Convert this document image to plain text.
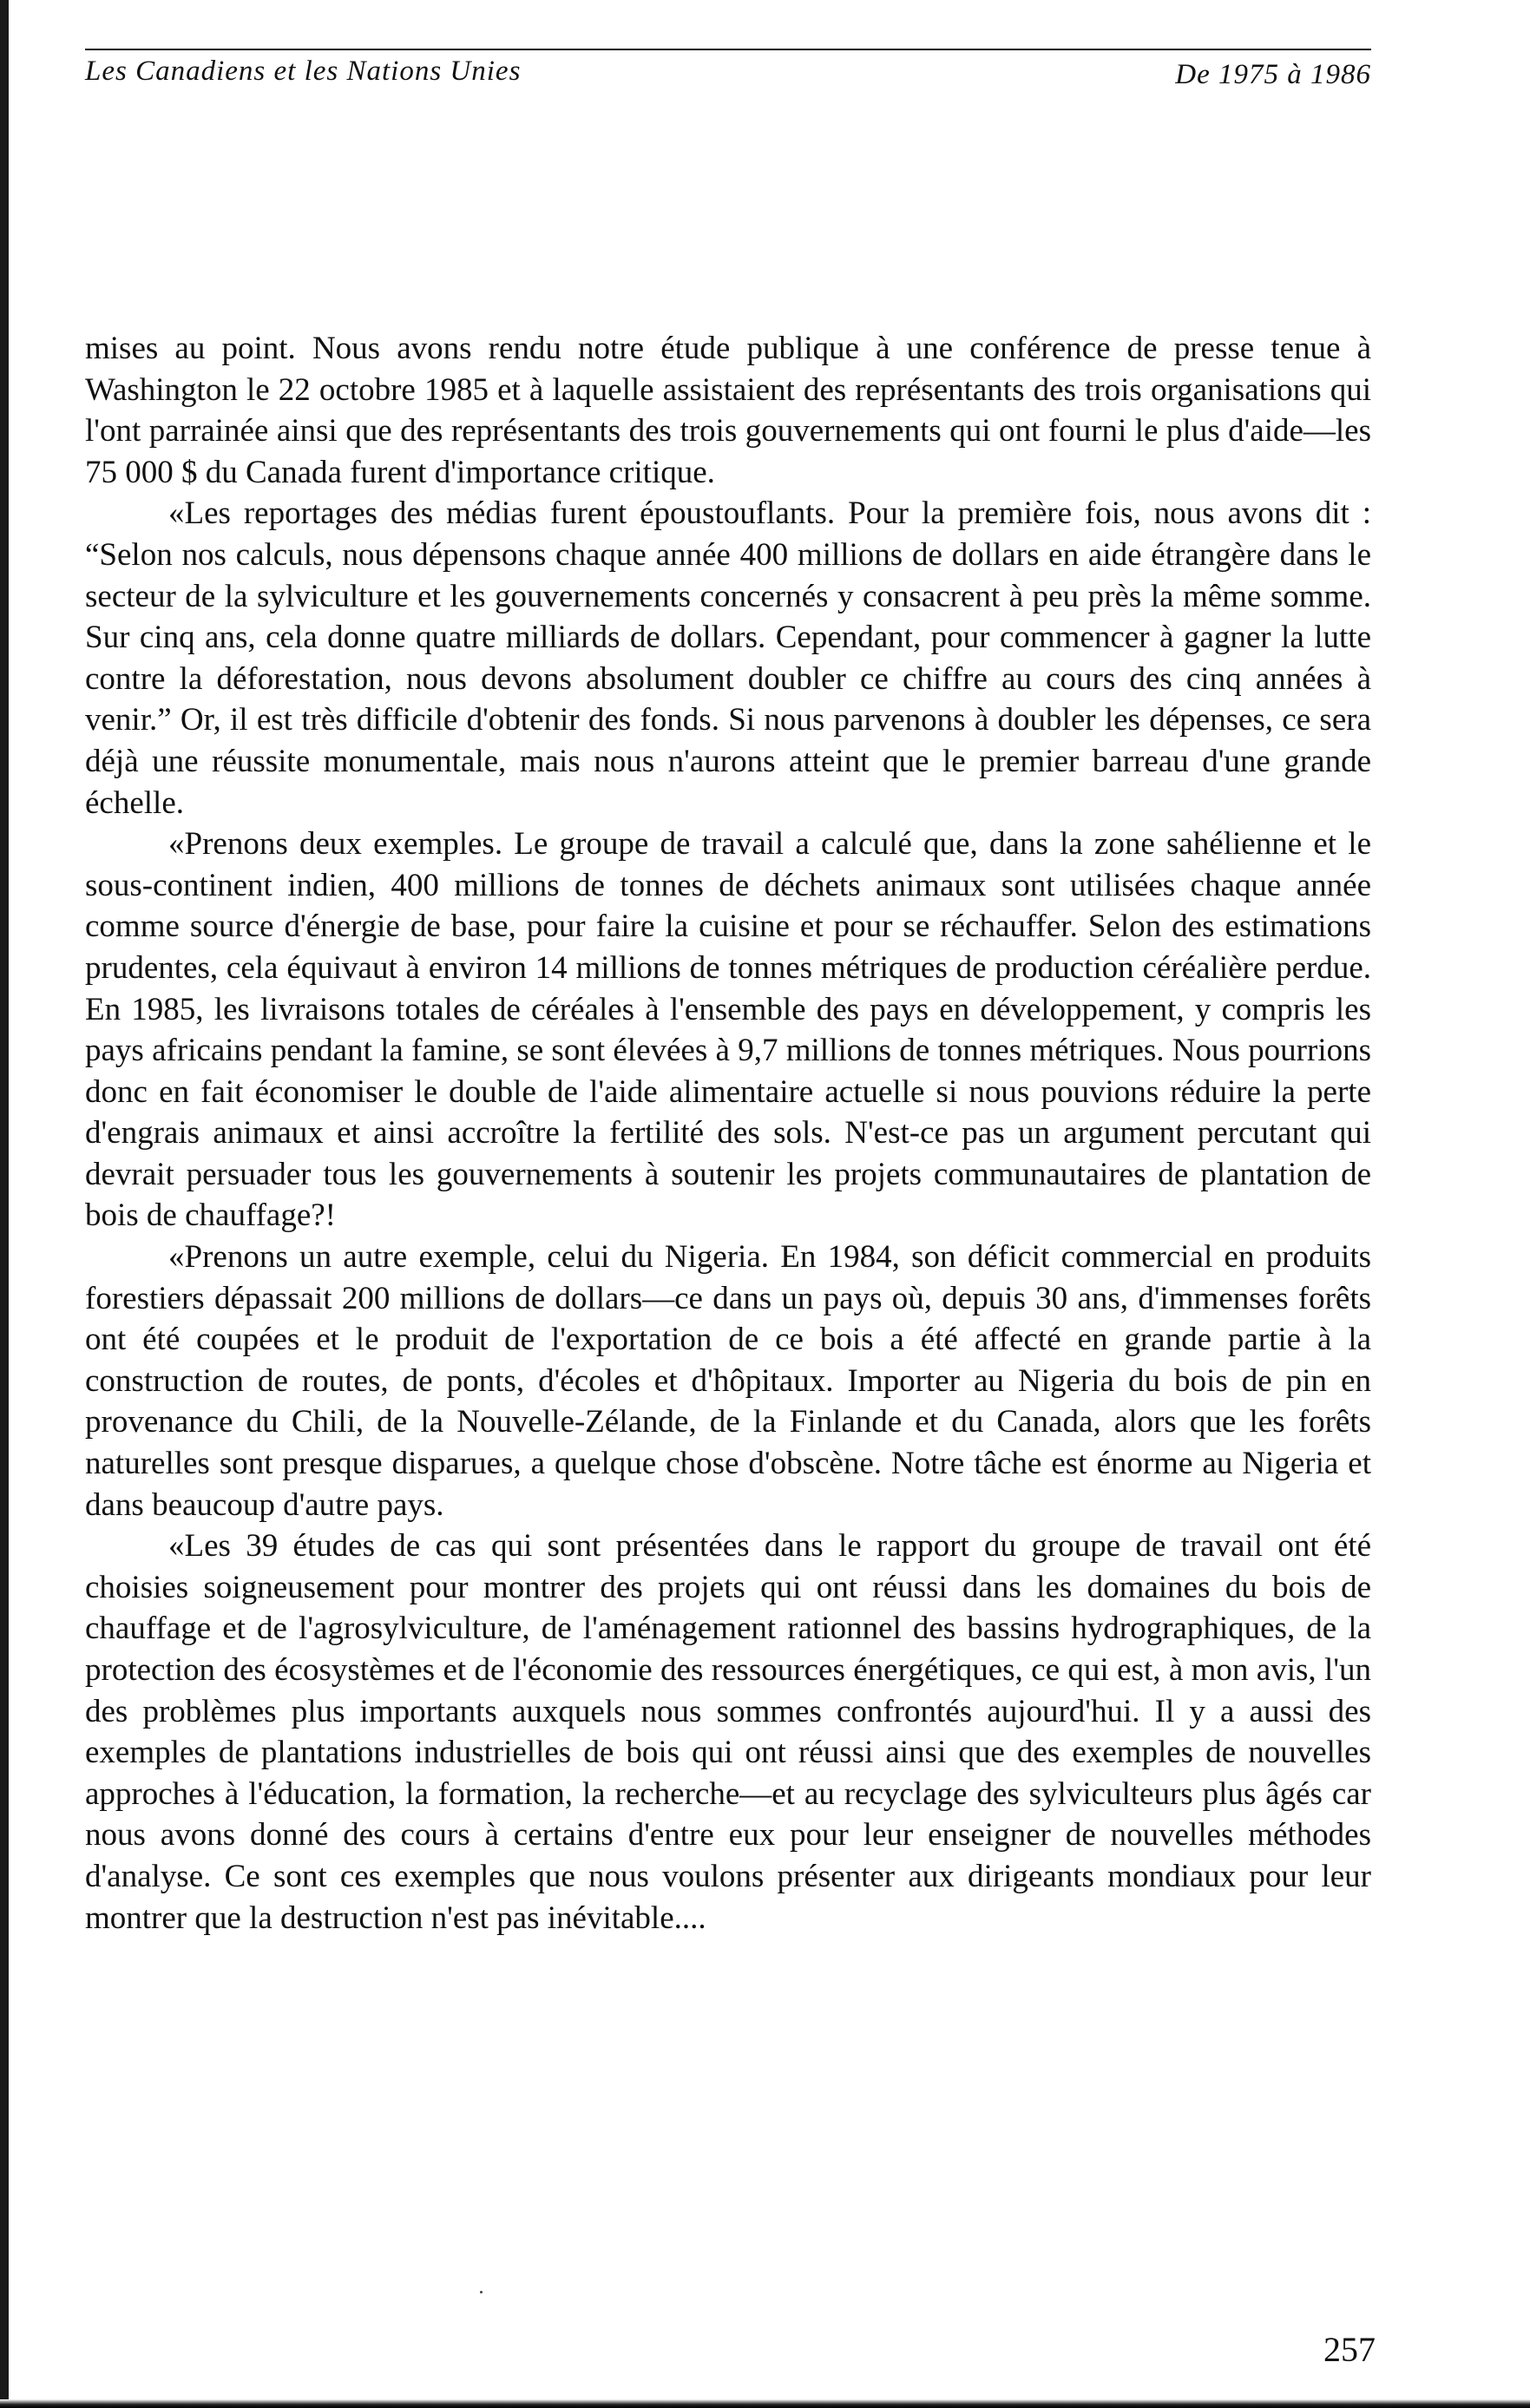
Les Canadiens et les Nations Unies	De 1975 à 1986

mises au point. Nous avons rendu notre étude publique à une conférence de presse tenue à Washington le 22 octobre 1985 et à laquelle assistaient des représentants des trois organisations qui l'ont parrainée ainsi que des représentants des trois gouvernements qui ont fourni le plus d'aide—les 75 000 $ du Canada furent d'importance critique.

«Les reportages des médias furent époustouflants. Pour la première fois, nous avons dit : “Selon nos calculs, nous dépensons chaque année 400 millions de dollars en aide étrangère dans le secteur de la sylviculture et les gouvernements concernés y consacrent à peu près la même somme. Sur cinq ans, cela donne quatre milliards de dollars. Cependant, pour commencer à gagner la lutte contre la déforestation, nous devons absolument doubler ce chiffre au cours des cinq années à venir.” Or, il est très difficile d'obtenir des fonds. Si nous parvenons à doubler les dépenses, ce sera déjà une réussite monumentale, mais nous n'aurons atteint que le premier barreau d'une grande échelle.

«Prenons deux exemples. Le groupe de travail a calculé que, dans la zone sahélienne et le sous-continent indien, 400 millions de tonnes de déchets animaux sont utilisées chaque année comme source d'énergie de base, pour faire la cuisine et pour se réchauffer. Selon des estimations prudentes, cela équivaut à environ 14 millions de tonnes métriques de production céréalière perdue. En 1985, les livraisons totales de céréales à l'ensemble des pays en développement, y compris les pays africains pendant la famine, se sont élevées à 9,7 millions de tonnes métriques. Nous pourrions donc en fait économiser le double de l'aide alimentaire actuelle si nous pouvions réduire la perte d'engrais animaux et ainsi accroître la fertilité des sols. N'est-ce pas un argument percutant qui devrait persuader tous les gouvernements à soutenir les projets communautaires de plantation de bois de chauffage?!

«Prenons un autre exemple, celui du Nigeria. En 1984, son déficit commercial en produits forestiers dépassait 200 millions de dollars—ce dans un pays où, depuis 30 ans, d'immenses forêts ont été coupées et le produit de l'exportation de ce bois a été affecté en grande partie à la construction de routes, de ponts, d'écoles et d'hôpitaux. Importer au Nigeria du bois de pin en provenance du Chili, de la Nouvelle-Zélande, de la Finlande et du Canada, alors que les forêts naturelles sont presque disparues, a quelque chose d'obscène. Notre tâche est énorme au Nigeria et dans beaucoup d'autre pays.

«Les 39 études de cas qui sont présentées dans le rapport du groupe de travail ont été choisies soigneusement pour montrer des projets qui ont réussi dans les domaines du bois de chauffage et de l'agrosylviculture, de l'aménagement rationnel des bassins hydrographiques, de la protection des écosystèmes et de l'économie des ressources énergétiques, ce qui est, à mon avis, l'un des problèmes plus importants auxquels nous sommes confrontés aujourd'hui. Il y a aussi des exemples de plantations industrielles de bois qui ont réussi ainsi que des exemples de nouvelles approches à l'éducation, la formation, la recherche—et au recyclage des sylviculteurs plus âgés car nous avons donné des cours à certains d'entre eux pour leur enseigner de nouvelles méthodes d'analyse. Ce sont ces exemples que nous voulons présenter aux dirigeants mondiaux pour leur montrer que la destruction n'est pas inévitable....

257
